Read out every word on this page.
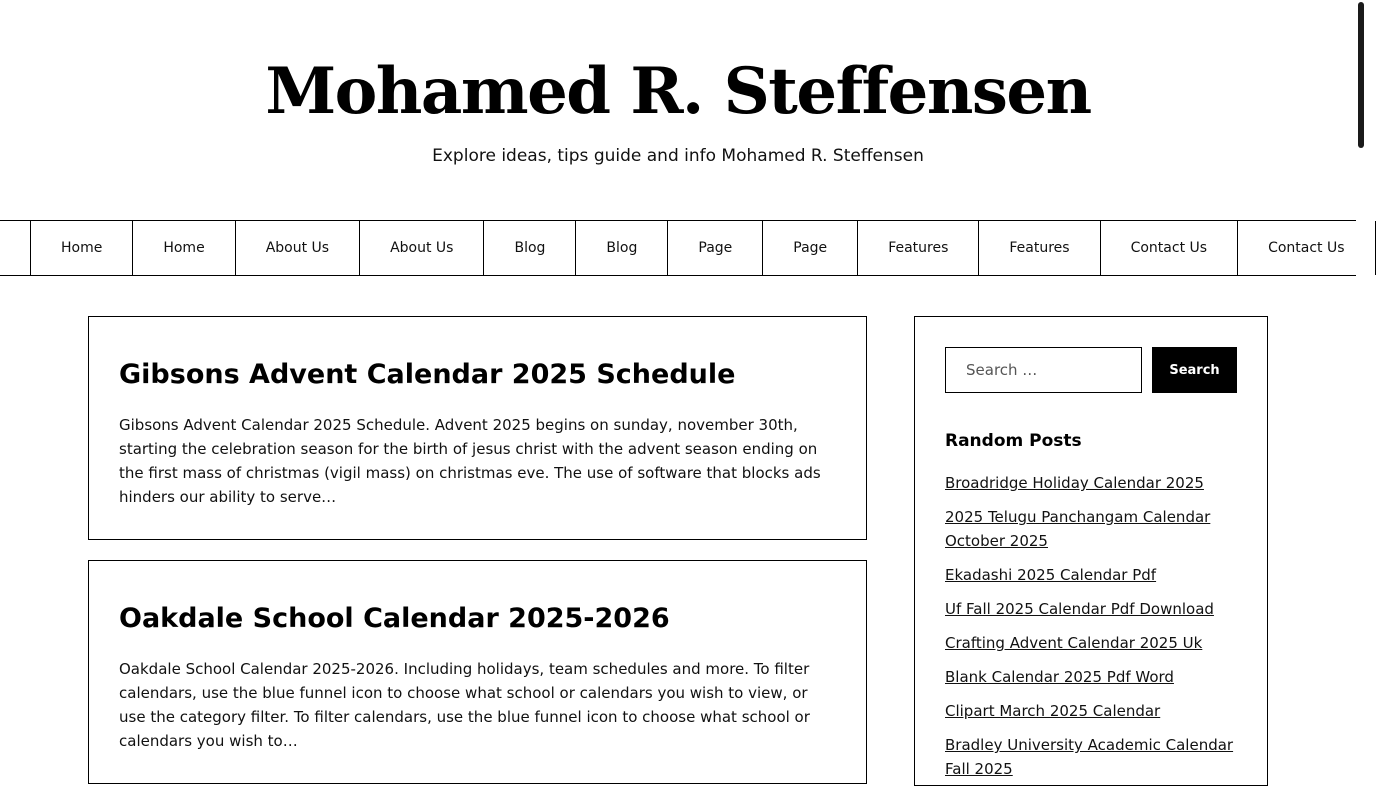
Mohamed R. Steffensen
Explore ideas, tips guide and info Mohamed R. Steffensen
Home	Home	About Us	About Us	Blog	Blog	Page	Page	Features	Features	Contact Us	Contact Us
Gibsons Advent Calendar 2025 Schedule

Gibsons Advent Calendar 2025 Schedule. Advent 2025 begins on sunday, november 30th, starting the celebration season for the birth of jesus christ with the advent season ending on the first mass of christmas (vigil mass) on christmas eve. The use of software that blocks ads hinders our ability to serve…

Oakdale School Calendar 2025-2026

Oakdale School Calendar 2025-2026. Including holidays, team schedules and more. To filter calendars, use the blue funnel icon to choose what school or calendars you wish to view, or use the category filter. To filter calendars, use the blue funnel icon to choose what school or calendars you wish to…

Search …
Search
Random Posts
Broadridge Holiday Calendar 2025
2025 Telugu Panchangam Calendar October 2025
Ekadashi 2025 Calendar Pdf
Uf Fall 2025 Calendar Pdf Download
Crafting Advent Calendar 2025 Uk
Blank Calendar 2025 Pdf Word
Clipart March 2025 Calendar
Bradley University Academic Calendar Fall 2025
